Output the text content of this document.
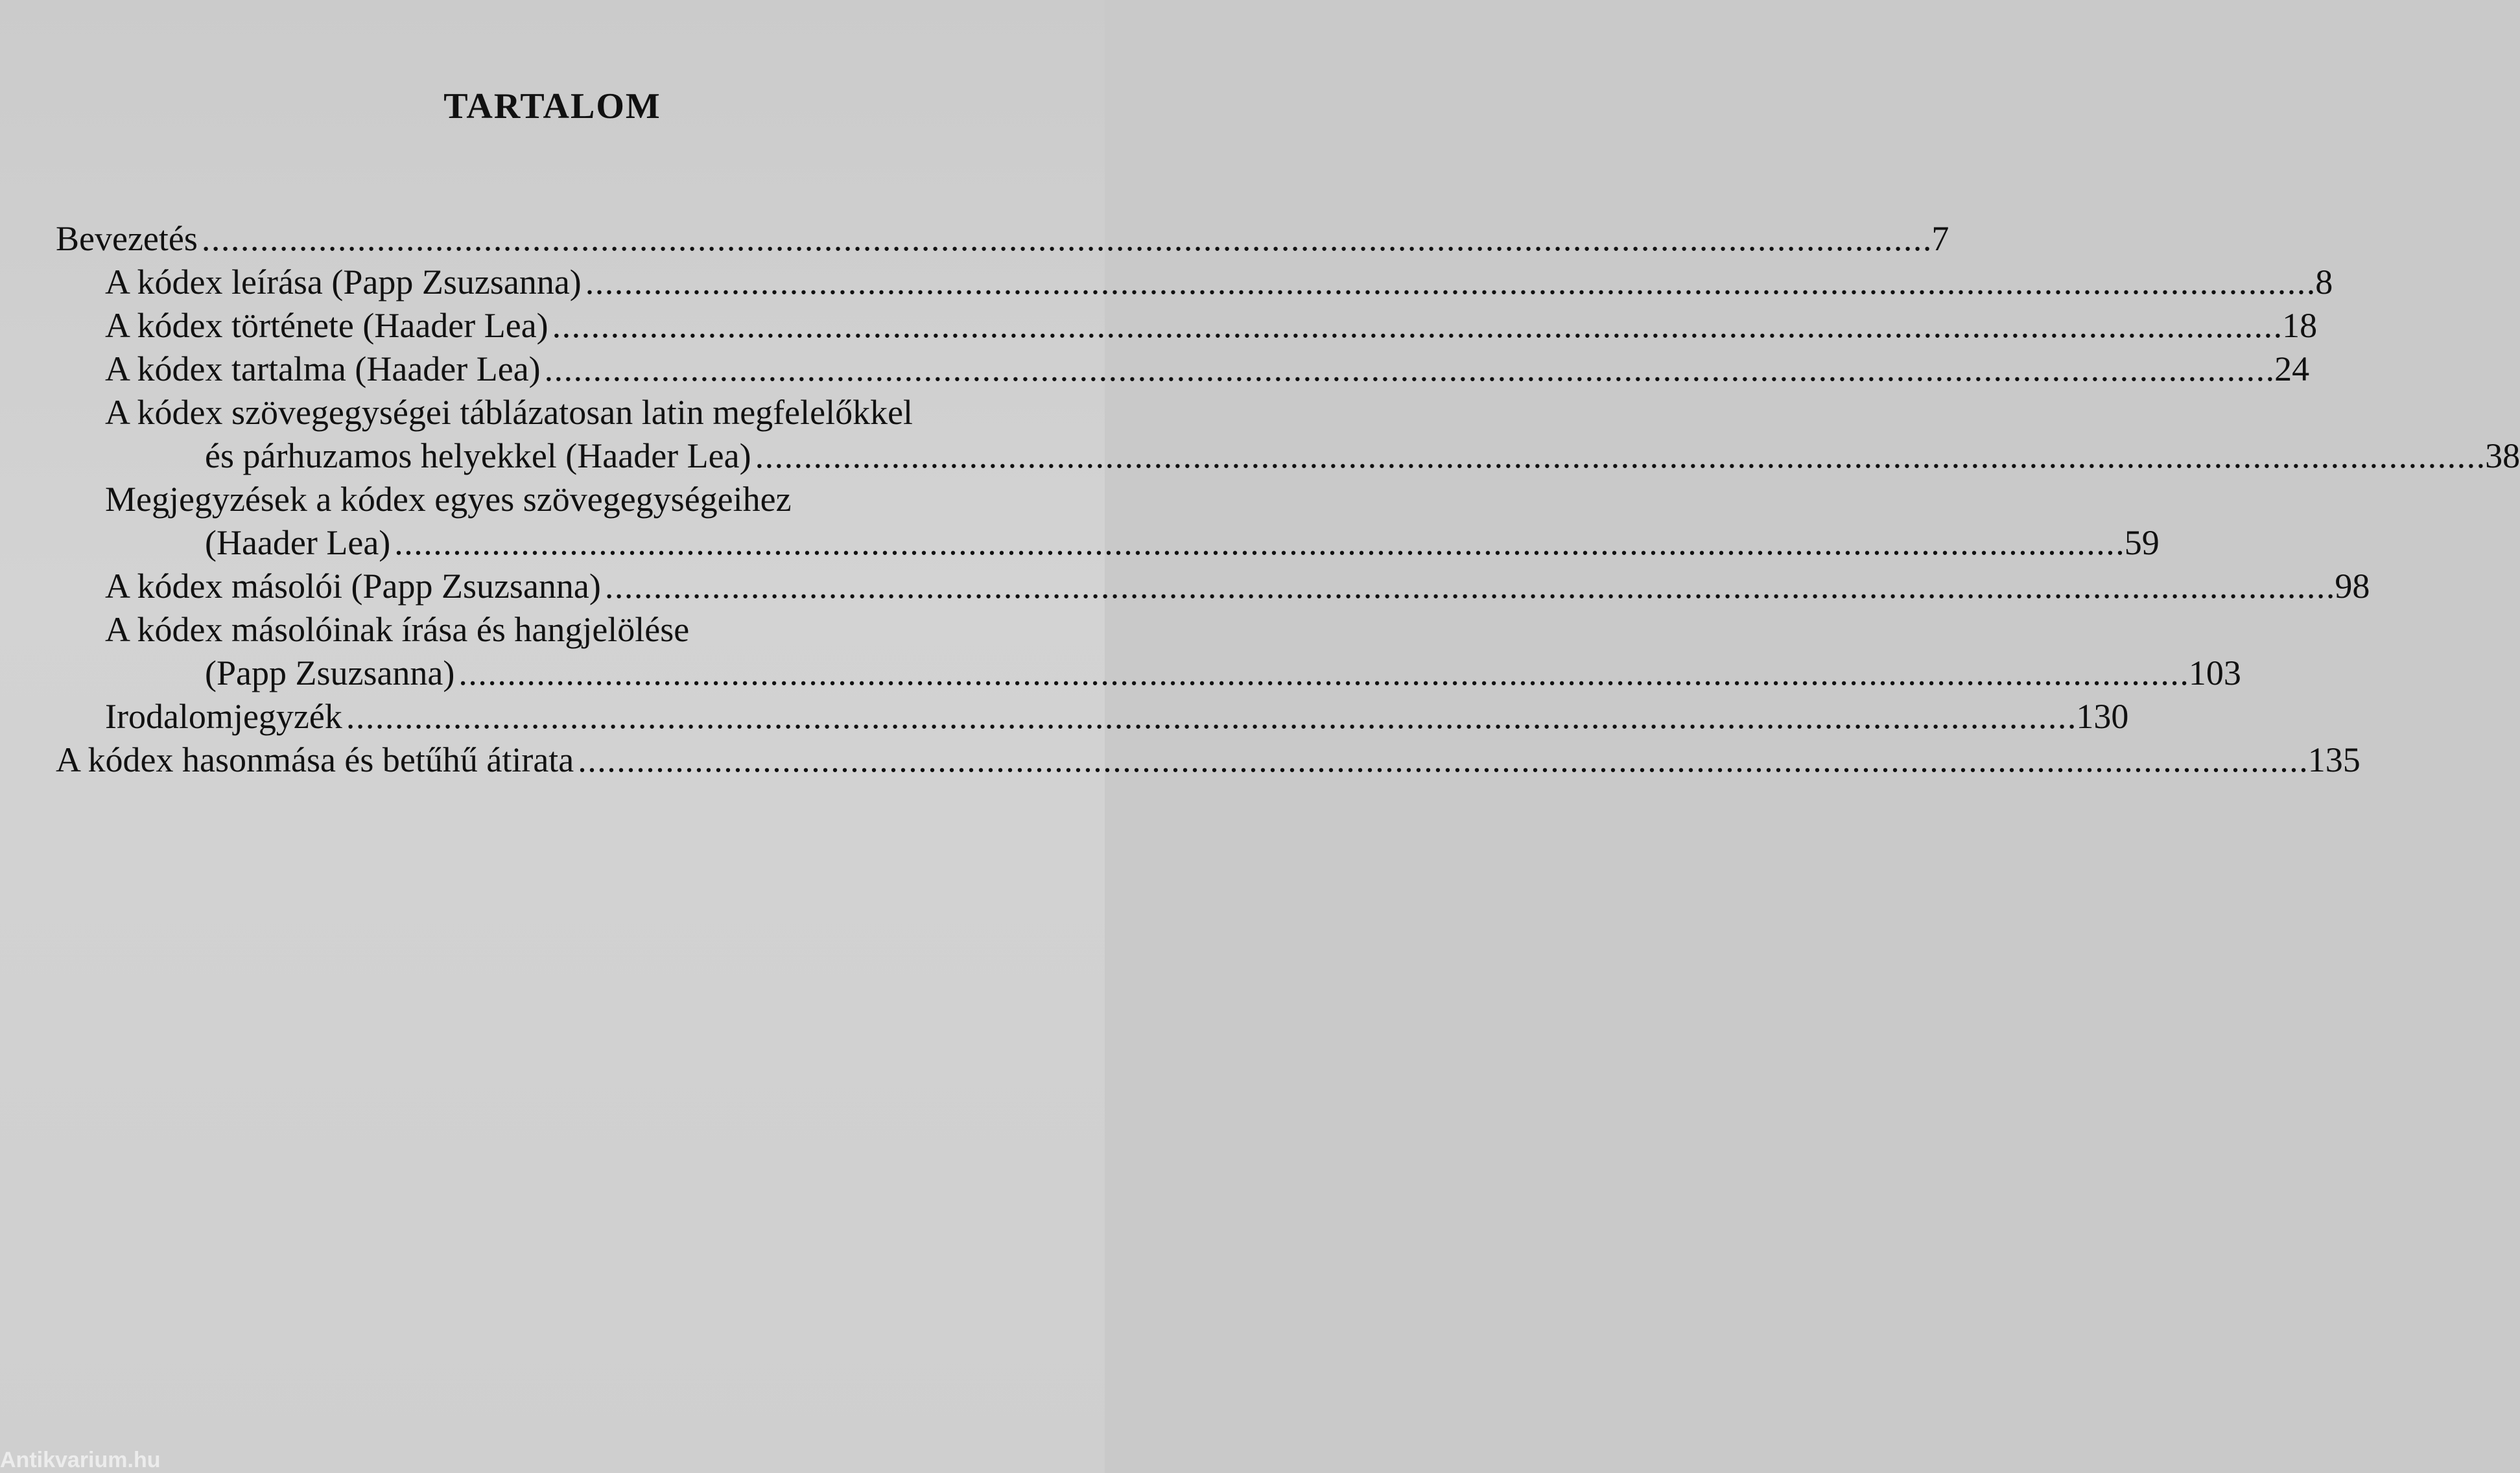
TARTALOM
Bevezetés . . .	7
A kódex leírása (Papp Zsuzsanna) . . .	8
A kódex története (Haader Lea) . . .	18
A kódex tartalma (Haader Lea) . . .	24
A kódex szövegegységei táblázatosan latin megfelelőkkel
és párhuzamos helyekkel (Haader Lea) . . .	38
Megjegyzések a kódex egyes szövegegységeihez
(Haader Lea) . . .	59
A kódex másolói (Papp Zsuzsanna) . . .	98
A kódex másolóinak írása és hangjelölése
(Papp Zsuzsanna) . . .	103
Irodalomjegyzék . . .	130
A kódex hasonmása és betűhű átirata . . .	135
Antikvarium.hu
